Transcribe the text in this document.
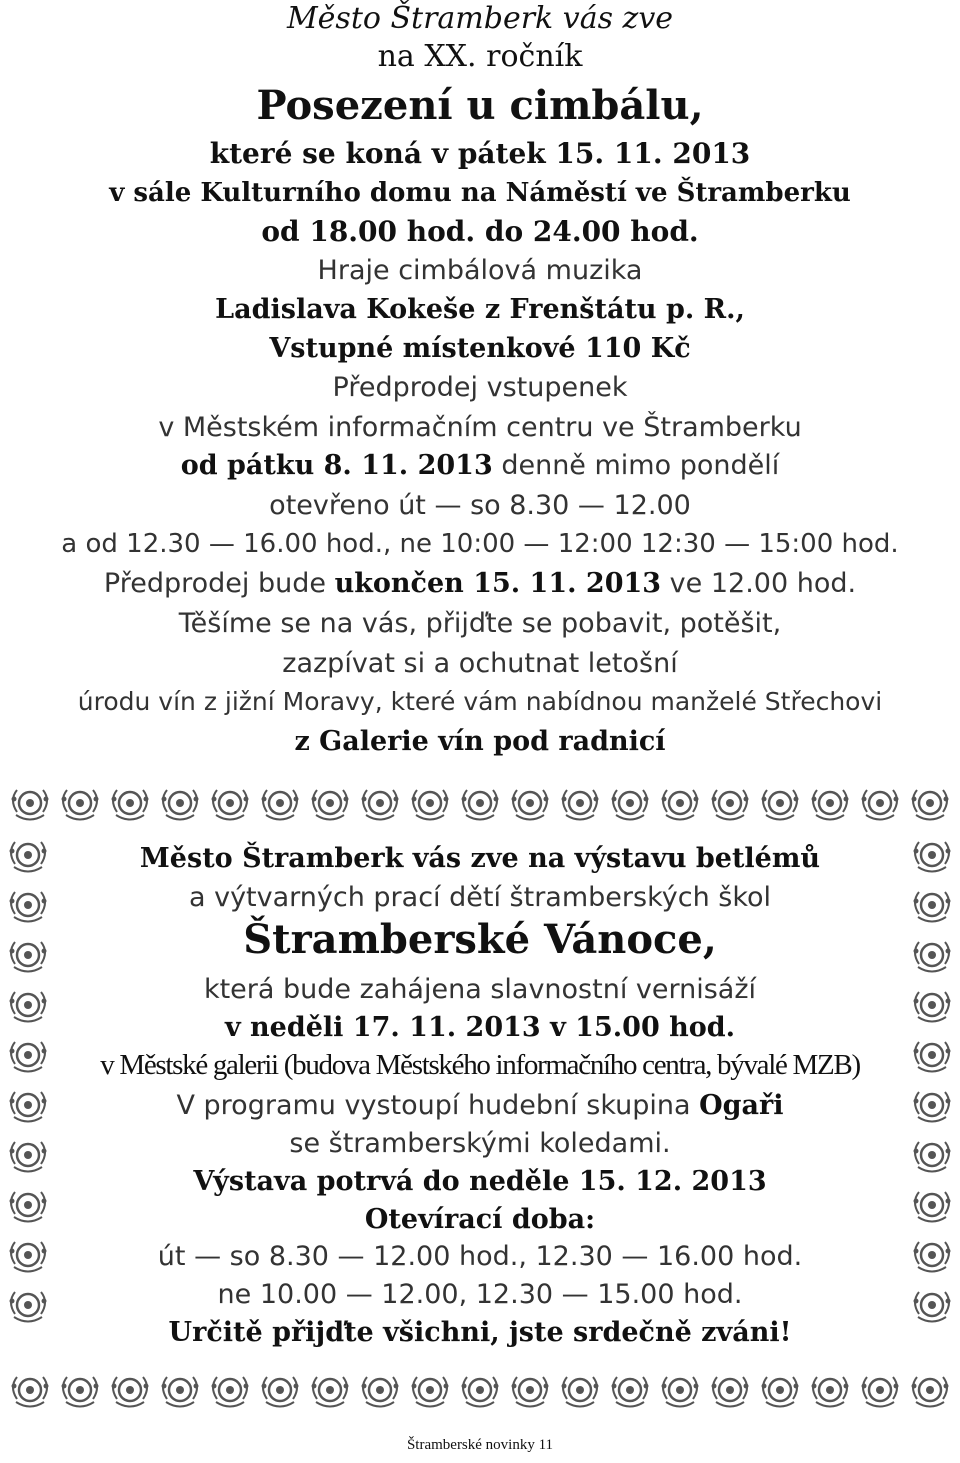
Město Štramberk vás zve
na XX. ročník
Posezení u cimbálu,
které se koná v pátek 15. 11. 2013
v sále Kulturního domu na Náměstí ve Štramberku
od 18.00 hod. do 24.00 hod.
Hraje cimbálová muzika
Ladislava Kokeše z Frenštátu p. R.,
Vstupné místenkové 110 Kč
Předprodej vstupenek
v Městském informačním centru ve Štramberku
od pátku 8. 11. 2013 denně mimo pondělí
otevřeno út — so 8.30 — 12.00
a od 12.30 — 16.00 hod., ne 10:00 — 12:00 12:30 — 15:00 hod.
Předprodej bude ukončen 15. 11. 2013 ve 12.00 hod.
Těšíme se na vás, přijďte se pobavit, potěšit,
zazpívat si a ochutnat letošní
úrodu vín z jižní Moravy, které vám nabídnou manželé Střechovi
z Galerie vín pod radnicí
Město Štramberk vás zve na výstavu betlémů
a výtvarných prací dětí štramberských škol
Štramberské Vánoce,
která bude zahájena slavnostní vernisáží
v neděli 17. 11. 2013 v 15.00 hod.
v Městské galerii (budova Městského informačního centra, bývalé MZB)
V programu vystoupí hudební skupina Ogaři
se štramberskými koledami.
Výstava potrvá do neděle 15. 12. 2013
Otevírací doba:
út — so 8.30 — 12.00 hod., 12.30 — 16.00 hod.
ne 10.00 — 12.00, 12.30 — 15.00 hod.
Určitě přijďte všichni, jste srdečně zváni!
Štramberské novinky 11
